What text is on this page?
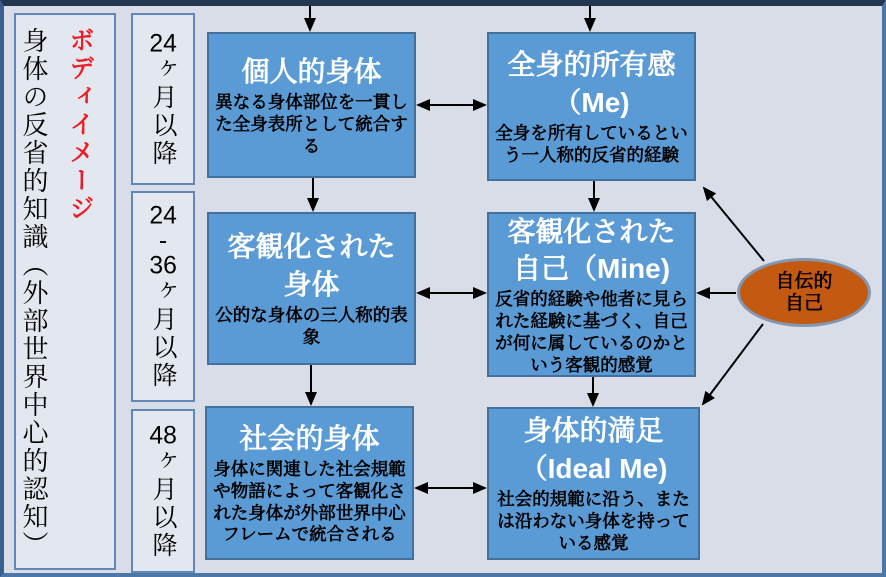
ボディイメージ
身体の反省的知識（外部世界中心的認知）	24ヶ月以降
24-36ヶ月以降
48ヶ月以降
個人的身体
異なる身体部位を一貫した全身表所として統合する
全身的所有感
（Me)
全身を所有しているという一人称的反省的経験
客観化された
身体
公的な身体の三人称的表象
客観化された
自己（Mine)
反省的経験や他者に見られた経験に基づく、自己が何に属しているのかという客観的感覚
社会的身体
身体に関連した社会規範や物語によって客観化された身体が外部世界中心フレームで統合される
身体的満足
（Ideal Me)
社会的規範に沿う、または沿わない身体を持っている感覚
自伝的
自己
